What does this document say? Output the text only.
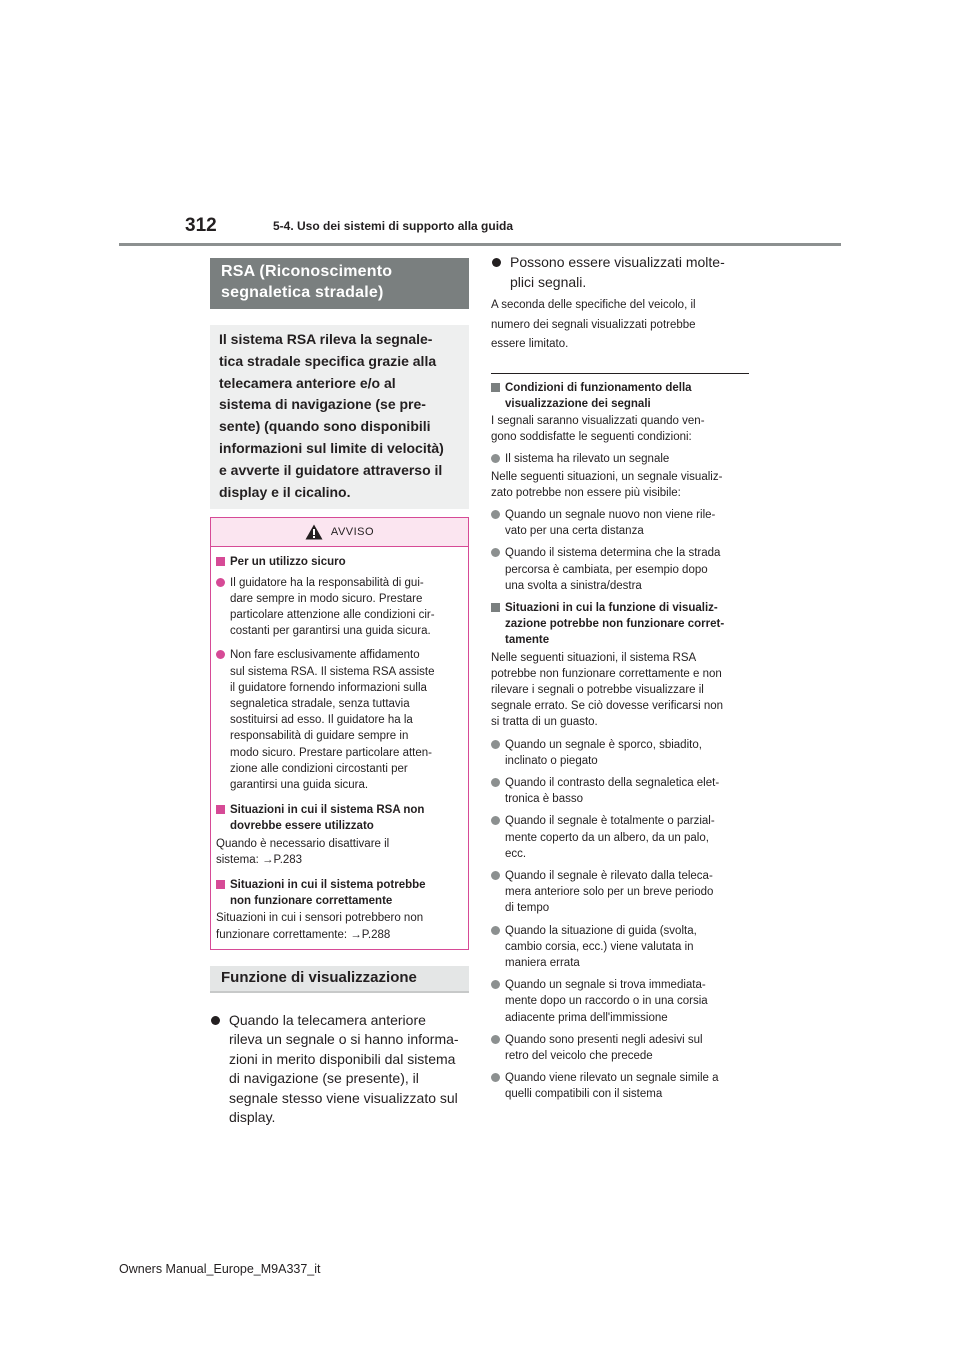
312	5-4. Uso dei sistemi di supporto alla guida
RSA (Riconoscimento
segnaletica stradale)
Il sistema RSA rileva la segnale-
tica stradale specifica grazie alla
telecamera anteriore e/o al
sistema di navigazione (se pre-
sente) (quando sono disponibili
informazioni sul limite di velocità)
e avverte il guidatore attraverso il
display e il cicalino.
AVVISO
Per un utilizzo sicuro
Il guidatore ha la responsabilità di gui-
dare sempre in modo sicuro. Prestare
particolare attenzione alle condizioni cir-
costanti per garantirsi una guida sicura.
Non fare esclusivamente affidamento
sul sistema RSA. Il sistema RSA assiste
il guidatore fornendo informazioni sulla
segnaletica stradale, senza tuttavia
sostituirsi ad esso. Il guidatore ha la
responsabilità di guidare sempre in
modo sicuro. Prestare particolare atten-
zione alle condizioni circostanti per
garantirsi una guida sicura.
Situazioni in cui il sistema RSA non
dovrebbe essere utilizzato
Quando è necessario disattivare il
sistema: →P.283
Situazioni in cui il sistema potrebbe
non funzionare correttamente
Situazioni in cui i sensori potrebbero non
funzionare correttamente: →P.288
Funzione di visualizzazione
Quando la telecamera anteriore
rileva un segnale o si hanno informa-
zioni in merito disponibili dal sistema
di navigazione (se presente), il
segnale stesso viene visualizzato sul
display.
Possono essere visualizzati molte-
plici segnali.
A seconda delle specifiche del veicolo, il
numero dei segnali visualizzati potrebbe
essere limitato.
Condizioni di funzionamento della
visualizzazione dei segnali
I segnali saranno visualizzati quando ven-
gono soddisfatte le seguenti condizioni:
Il sistema ha rilevato un segnale
Nelle seguenti situazioni, un segnale visualiz-
zato potrebbe non essere più visibile:
Quando un segnale nuovo non viene rile-
vato per una certa distanza
Quando il sistema determina che la strada
percorsa è cambiata, per esempio dopo
una svolta a sinistra/destra
Situazioni in cui la funzione di visualiz-
zazione potrebbe non funzionare corret-
tamente
Nelle seguenti situazioni, il sistema RSA
potrebbe non funzionare correttamente e non
rilevare i segnali o potrebbe visualizzare il
segnale errato. Se ciò dovesse verificarsi non
si tratta di un guasto.
Quando un segnale è sporco, sbiadito,
inclinato o piegato
Quando il contrasto della segnaletica elet-
tronica è basso
Quando il segnale è totalmente o parzial-
mente coperto da un albero, da un palo,
ecc.
Quando il segnale è rilevato dalla teleca-
mera anteriore solo per un breve periodo
di tempo
Quando la situazione di guida (svolta,
cambio corsia, ecc.) viene valutata in
maniera errata
Quando un segnale si trova immediata-
mente dopo un raccordo o in una corsia
adiacente prima dell'immissione
Quando sono presenti negli adesivi sul
retro del veicolo che precede
Quando viene rilevato un segnale simile a
quelli compatibili con il sistema
Owners Manual_Europe_M9A337_it
